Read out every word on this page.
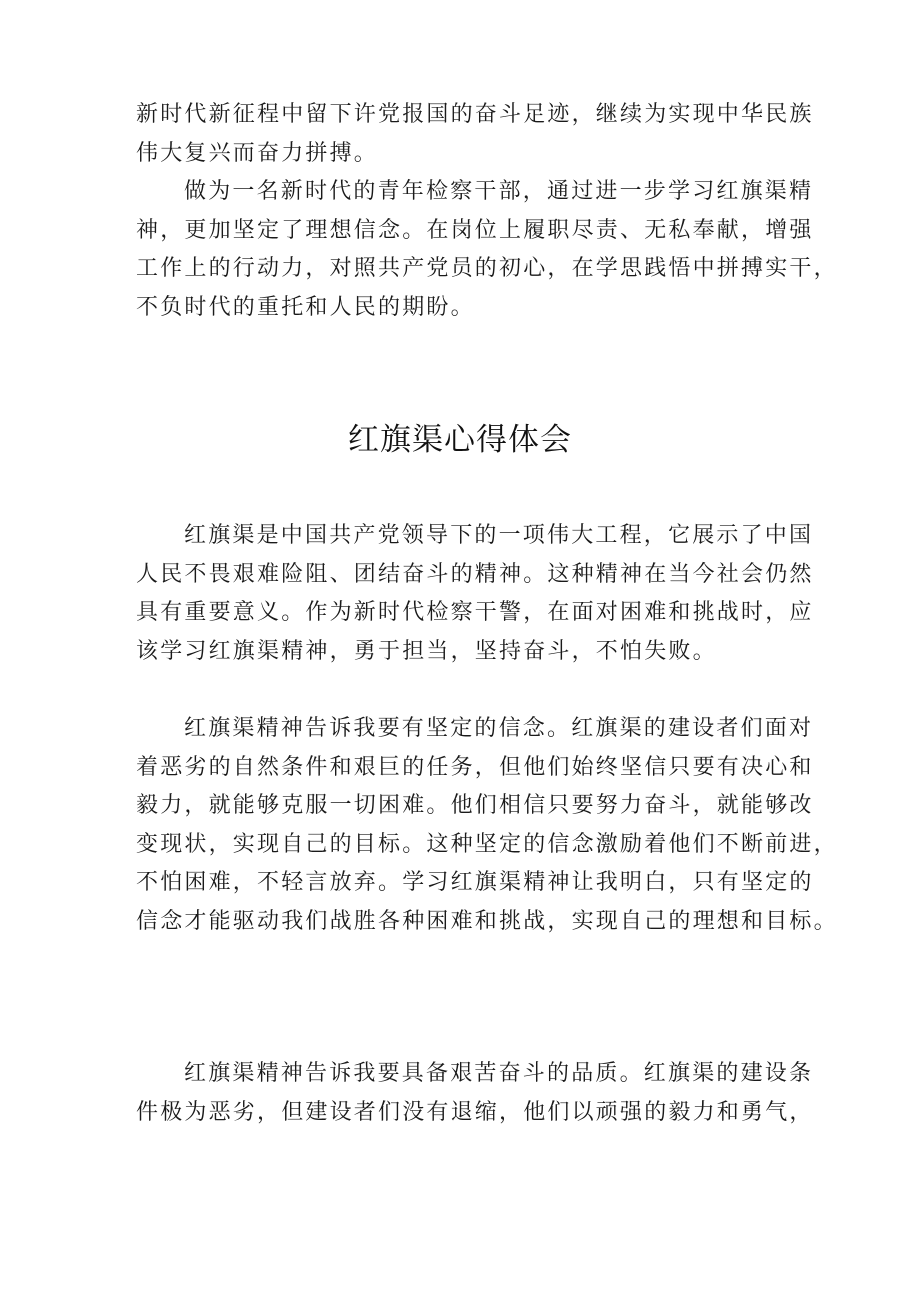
新时代新征程中留下许党报国的奋斗足迹，继续为实现中华民族
伟大复兴而奋力拼搏。
做为一名新时代的青年检察干部，通过进一步学习红旗渠精
神，更加坚定了理想信念。在岗位上履职尽责、无私奉献，增强
工作上的行动力，对照共产党员的初心，在学思践悟中拼搏实干，
不负时代的重托和人民的期盼。
红旗渠心得体会
红旗渠是中国共产党领导下的一项伟大工程，它展示了中国
人民不畏艰难险阻、团结奋斗的精神。这种精神在当今社会仍然
具有重要意义。作为新时代检察干警，在面对困难和挑战时，应
该学习红旗渠精神，勇于担当，坚持奋斗，不怕失败。
红旗渠精神告诉我要有坚定的信念。红旗渠的建设者们面对
着恶劣的自然条件和艰巨的任务，但他们始终坚信只要有决心和
毅力，就能够克服一切困难。他们相信只要努力奋斗，就能够改
变现状，实现自己的目标。这种坚定的信念激励着他们不断前进，
不怕困难，不轻言放弃。学习红旗渠精神让我明白，只有坚定的
信念才能驱动我们战胜各种困难和挑战，实现自己的理想和目标。
红旗渠精神告诉我要具备艰苦奋斗的品质。红旗渠的建设条
件极为恶劣，但建设者们没有退缩，他们以顽强的毅力和勇气，
